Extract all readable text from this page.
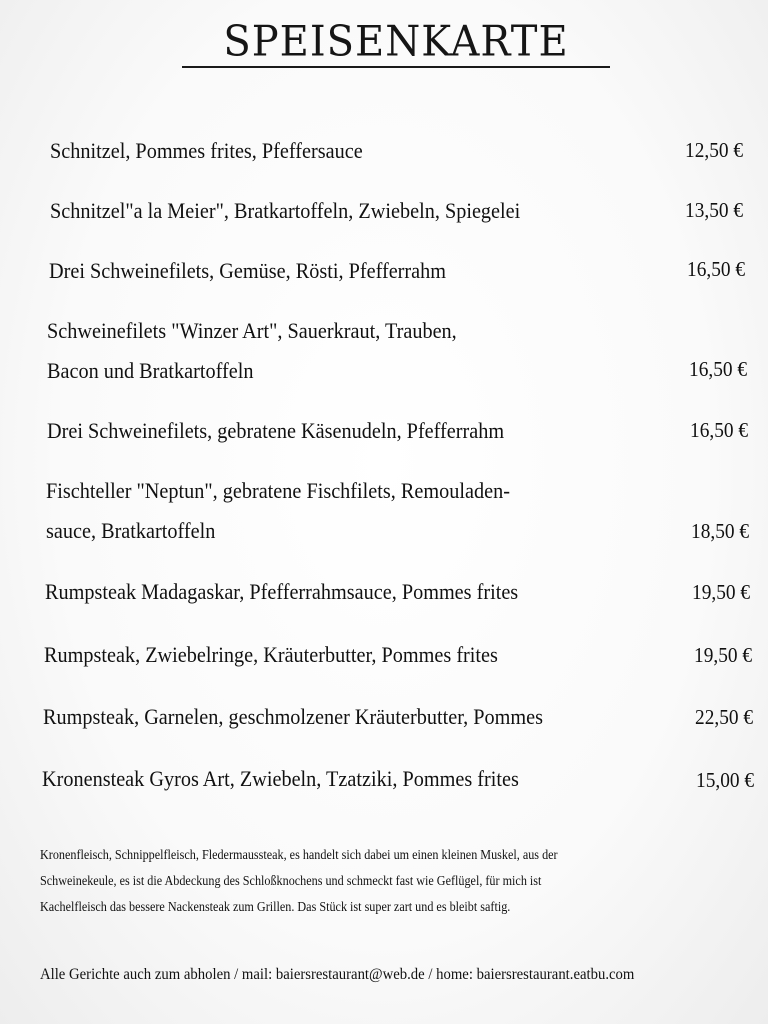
SPEISENKARTE
Schnitzel, Pommes frites, Pfeffersauce	12,50 €
Schnitzel"a la Meier", Bratkartoffeln, Zwiebeln, Spiegelei	13,50 €
Drei Schweinefilets, Gemüse, Rösti, Pfefferrahm	16,50 €
Schweinefilets "Winzer Art", Sauerkraut, Trauben,
Bacon und Bratkartoffeln	16,50 €
Drei Schweinefilets, gebratene Käsenudeln, Pfefferrahm	16,50 €
Fischteller "Neptun", gebratene Fischfilets, Remouladen-
sauce, Bratkartoffeln	18,50 €
Rumpsteak Madagaskar, Pfefferrahmsauce, Pommes frites	19,50 €
Rumpsteak, Zwiebelringe, Kräuterbutter, Pommes frites	19,50 €
Rumpsteak, Garnelen, geschmolzener Kräuterbutter, Pommes	22,50 €
Kronensteak Gyros Art, Zwiebeln, Tzatziki, Pommes frites	15,00 €
Kronenfleisch, Schnippelfleisch, Fledermaussteak, es handelt sich dabei um einen kleinen Muskel, aus der
Schweinekeule, es ist die Abdeckung des Schloßknochens und schmeckt fast wie Geflügel, für mich ist
Kachelfleisch das bessere Nackensteak zum Grillen. Das Stück ist super zart und es bleibt saftig.
Alle Gerichte auch zum abholen / mail: baiersrestaurant@web.de / home: baiersrestaurant.eatbu.com
